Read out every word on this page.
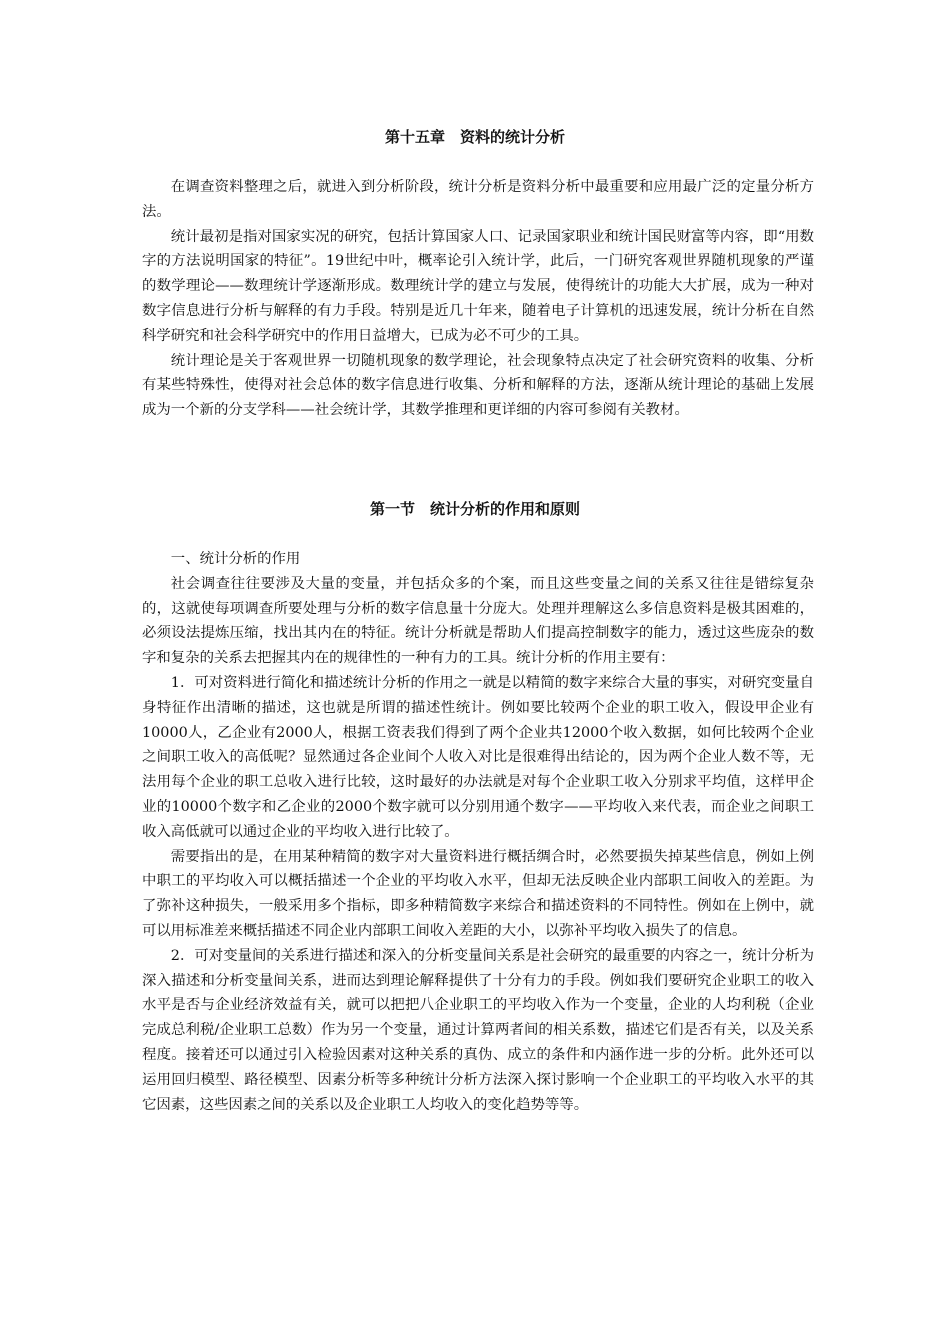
第十五章　资料的统计分析

在调查资料整理之后，就进入到分析阶段，统计分析是资料分析中最重要和应用最广泛的定量分析方法。

统计最初是指对国家实况的研究，包括计算国家人口、记录国家职业和统计国民财富等内容，即“用数字的方法说明国家的特征”。19世纪中叶，概率论引入统计学，此后，一门研究客观世界随机现象的严谨的数学理论——数理统计学逐渐形成。数理统计学的建立与发展，使得统计的功能大大扩展，成为一种对数字信息进行分析与解释的有力手段。特别是近几十年来，随着电子计算机的迅速发展，统计分析在自然科学研究和社会科学研究中的作用日益增大，已成为必不可少的工具。

统计理论是关于客观世界一切随机现象的数学理论，社会现象特点决定了社会研究资料的收集、分析有某些特殊性，使得对社会总体的数字信息进行收集、分析和解释的方法，逐渐从统计理论的基础上发展成为一个新的分支学科——社会统计学，其数学推理和更详细的内容可参阅有关教材。

第一节　统计分析的作用和原则

一、统计分析的作用

社会调查往往要涉及大量的变量，并包括众多的个案，而且这些变量之间的关系又往往是错综复杂的，这就使每项调查所要处理与分析的数字信息量十分庞大。处理并理解这么多信息资料是极其困难的，必须设法提炼压缩，找出其内在的特征。统计分析就是帮助人们提高控制数字的能力，透过这些庞杂的数字和复杂的关系去把握其内在的规律性的一种有力的工具。统计分析的作用主要有：

1．可对资料进行简化和描述统计分析的作用之一就是以精简的数字来综合大量的事实，对研究变量自身特征作出清晰的描述，这也就是所谓的描述性统计。例如要比较两个企业的职工收入，假设甲企业有10000人，乙企业有2000人，根据工资表我们得到了两个企业共12000个收入数据，如何比较两个企业之间职工收入的高低呢？显然通过各企业间个人收入对比是很难得出结论的，因为两个企业人数不等，无法用每个企业的职工总收入进行比较，这时最好的办法就是对每个企业职工收入分别求平均值，这样甲企业的10000个数字和乙企业的2000个数字就可以分别用通个数字——平均收入来代表，而企业之间职工收入高低就可以通过企业的平均收入进行比较了。

需要指出的是，在用某种精简的数字对大量资料进行概括绸合时，必然要损失掉某些信息，例如上例中职工的平均收入可以概括描述一个企业的平均收入水平，但却无法反映企业内部职工间收入的差距。为了弥补这种损失，一般采用多个指标，即多种精简数字来综合和描述资料的不同特性。例如在上例中，就可以用标准差来概括描述不同企业内部职工间收入差距的大小，以弥补平均收入损失了的信息。

2．可对变量间的关系进行描述和深入的分析变量间关系是社会研究的最重要的内容之一，统计分析为深入描述和分析变量间关系，进而达到理论解释提供了十分有力的手段。例如我们要研究企业职工的收入水平是否与企业经济效益有关，就可以把把八企业职工的平均收入作为一个变量，企业的人均利税（企业完成总利税/企业职工总数）作为另一个变量，通过计算两者间的相关系数，描述它们是否有关，以及关系程度。接着还可以通过引入检验因素对这种关系的真伪、成立的条件和内涵作进一步的分析。此外还可以运用回归模型、路径模型、因素分析等多种统计分析方法深入探讨影响一个企业职工的平均收入水平的其它因素，这些因素之间的关系以及企业职工人均收入的变化趋势等等。
